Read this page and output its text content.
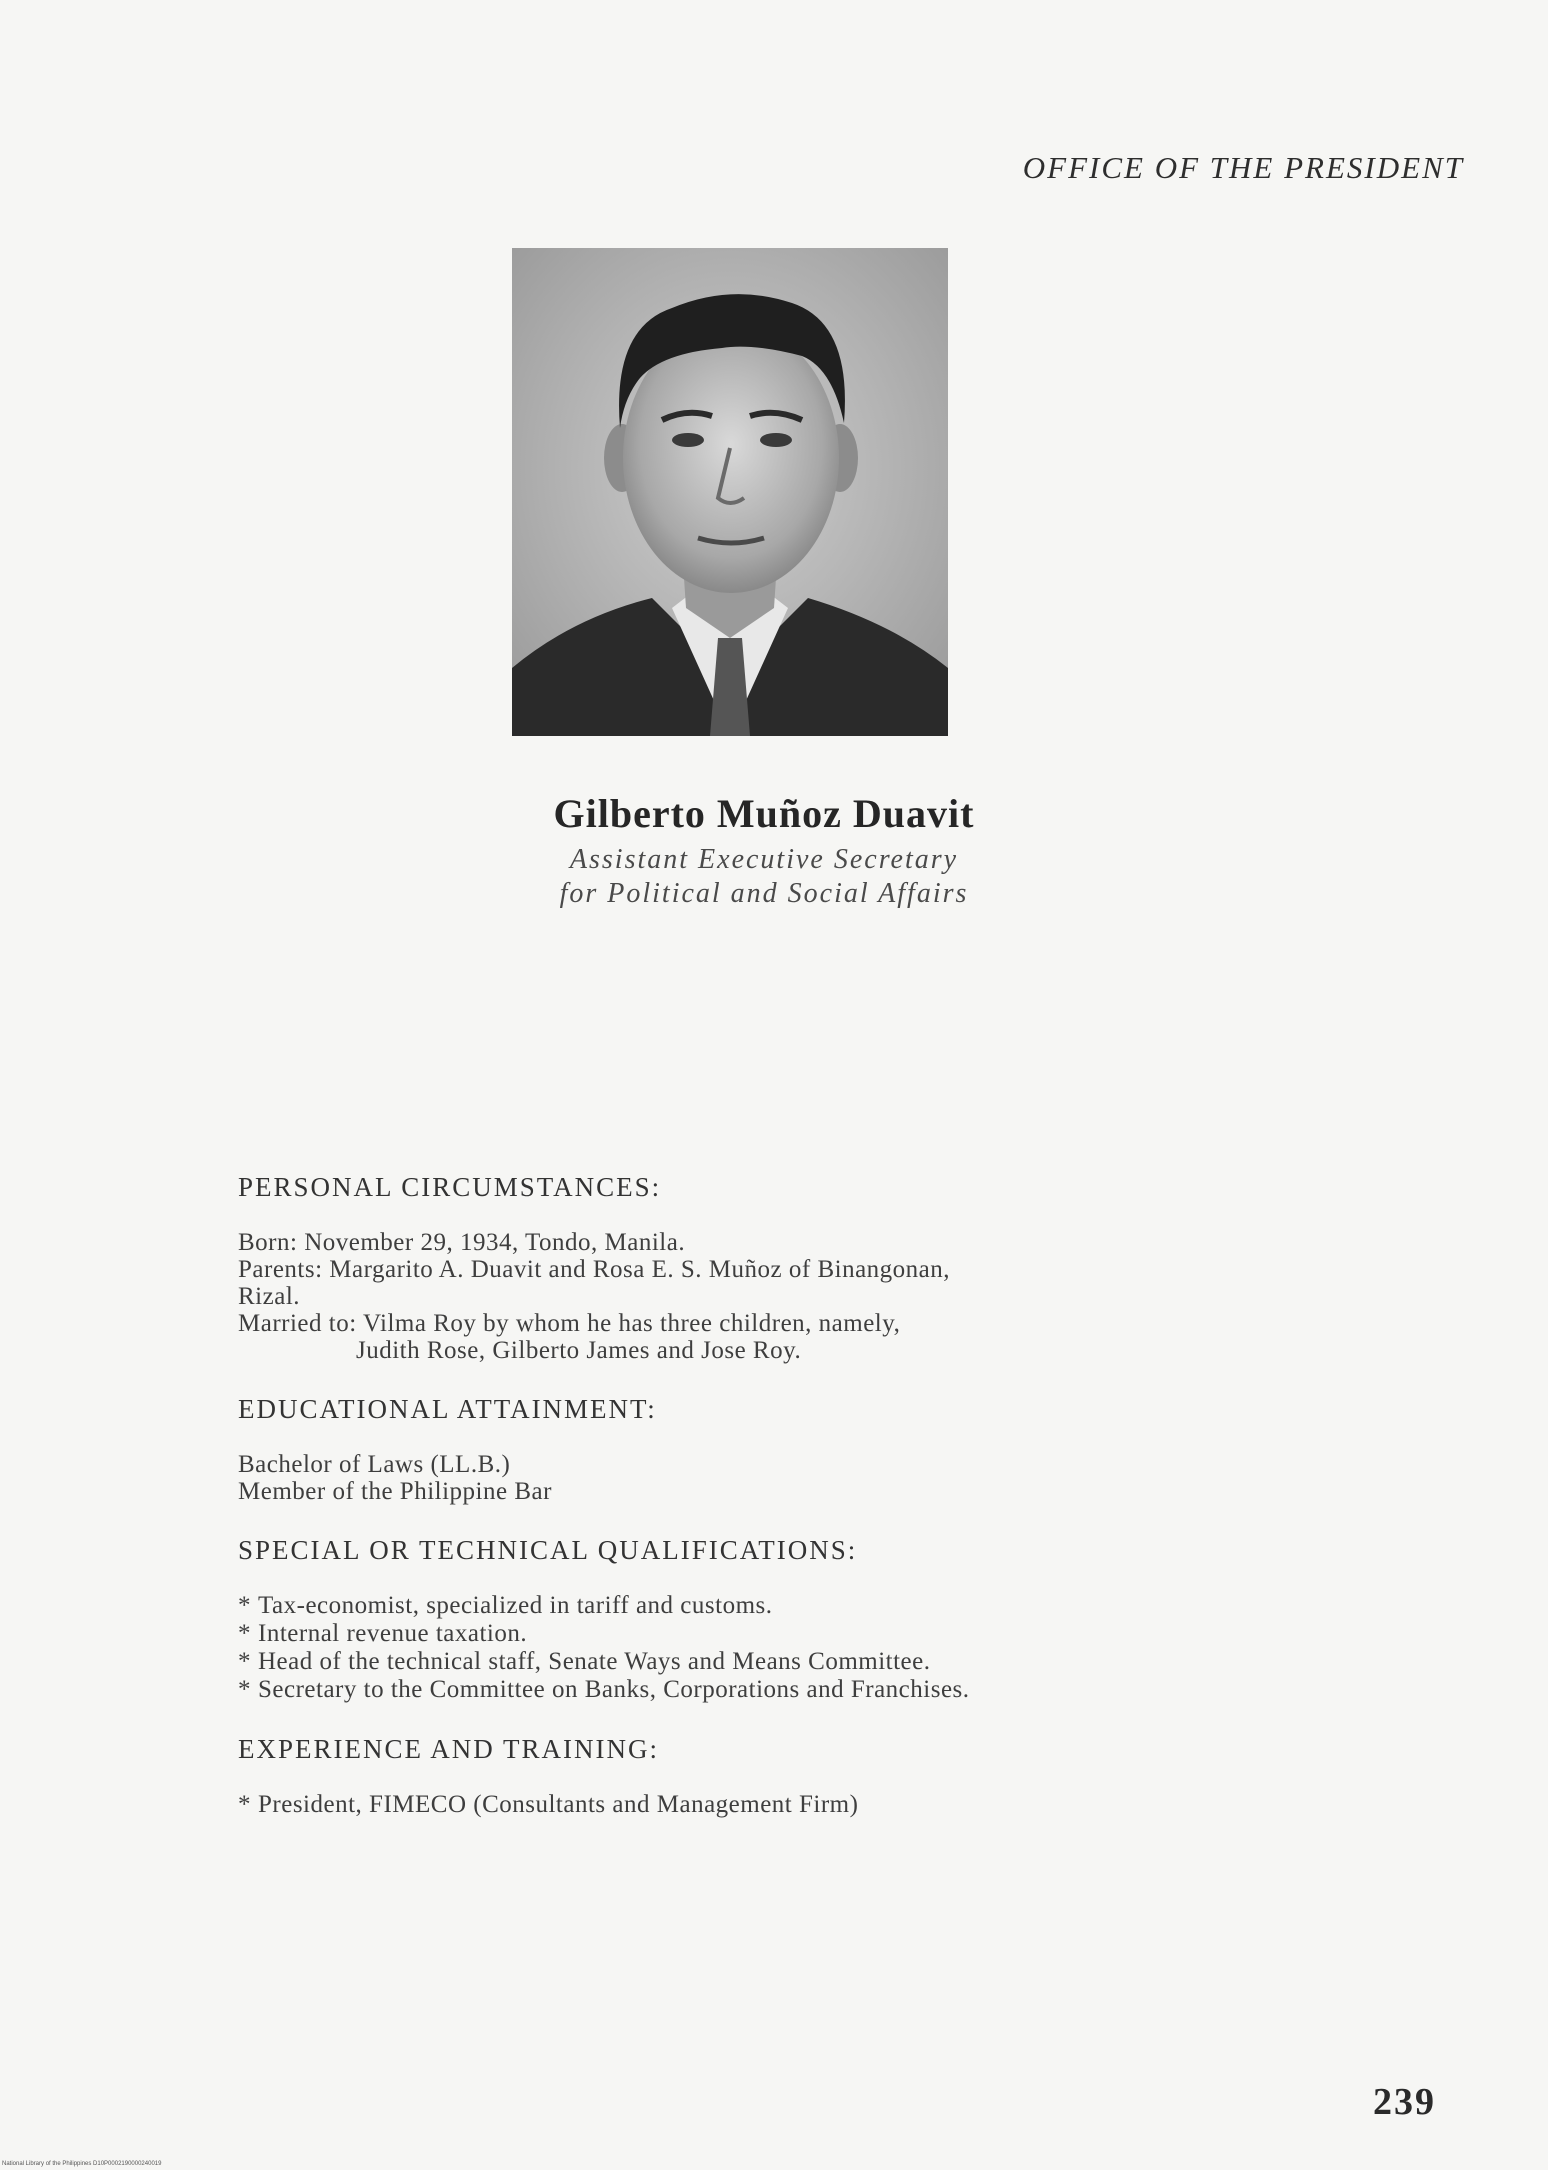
OFFICE OF THE PRESIDENT
Gilberto Muñoz Duavit
Assistant Executive Secretary
for Political and Social Affairs
PERSONAL CIRCUMSTANCES:
Born: November 29, 1934, Tondo, Manila.
Parents: Margarito A. Duavit and Rosa E. S. Muñoz of Binangonan,
Rizal.
Married to: Vilma Roy by whom he has three children, namely,
Judith Rose, Gilberto James and Jose Roy.
EDUCATIONAL ATTAINMENT:
Bachelor of Laws (LL.B.)
Member of the Philippine Bar
SPECIAL OR TECHNICAL QUALIFICATIONS:
* Tax-economist, specialized in tariff and customs.
* Internal revenue taxation.
* Head of the technical staff, Senate Ways and Means Committee.
* Secretary to the Committee on Banks, Corporations and Franchises.
EXPERIENCE AND TRAINING:
* President, FIMECO (Consultants and Management Firm)
239
National Library of the Philippines D10P0002190000240019
